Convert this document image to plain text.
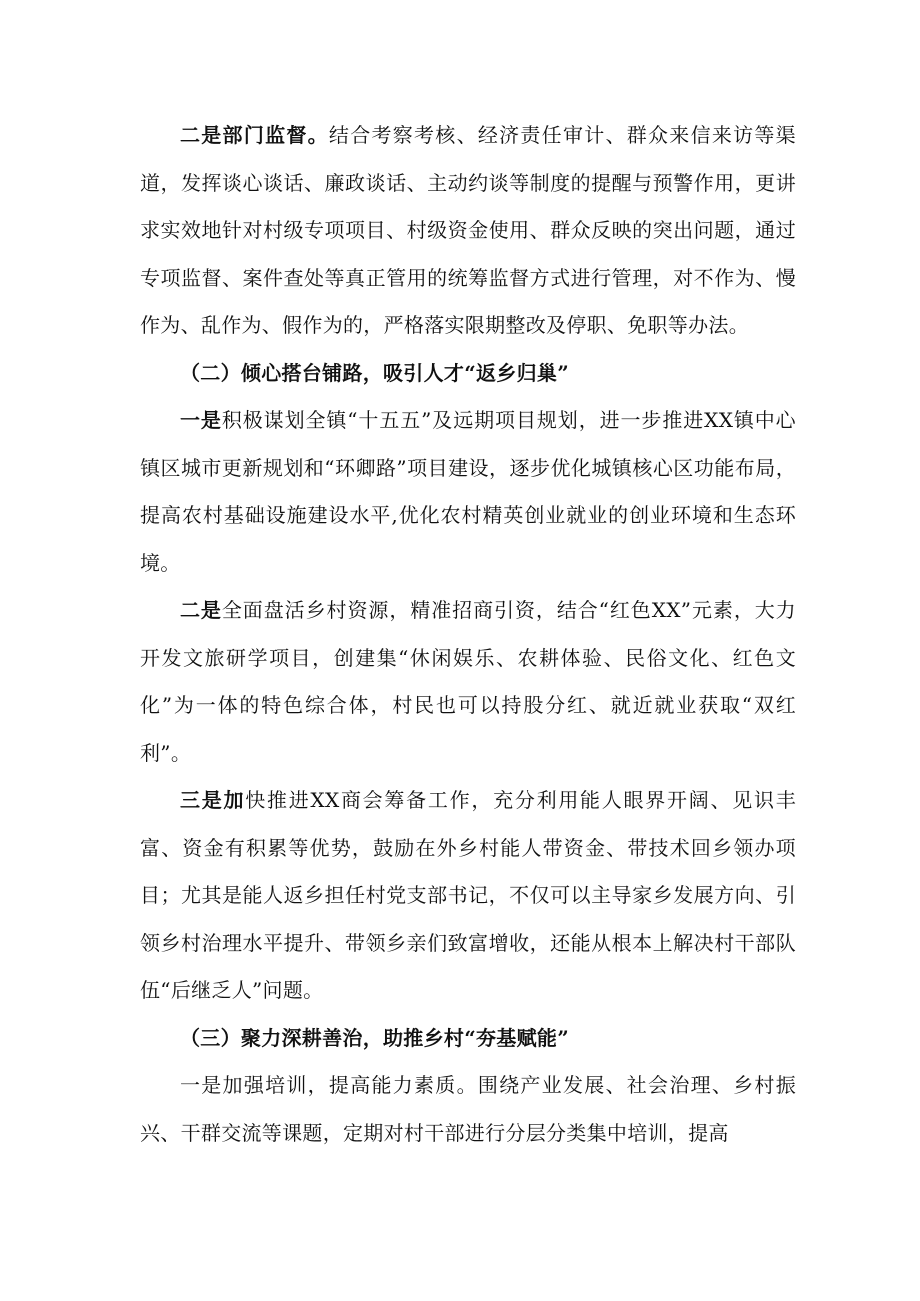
二是部门监督。结合考察考核、经济责任审计、群众来信来访等渠道，发挥谈心谈话、廉政谈话、主动约谈等制度的提醒与预警作用，更讲求实效地针对村级专项项目、村级资金使用、群众反映的突出问题，通过专项监督、案件查处等真正管用的统筹监督方式进行管理，对不作为、慢作为、乱作为、假作为的，严格落实限期整改及停职、免职等办法。

（二）倾心搭台铺路，吸引人才“返乡归巢”

一是积极谋划全镇“十五五”及远期项目规划，进一步推进XX镇中心镇区城市更新规划和“环卿路”项目建设，逐步优化城镇核心区功能布局，提高农村基础设施建设水平,优化农村精英创业就业的创业环境和生态环境。

二是全面盘活乡村资源，精准招商引资，结合“红色XX”元素，大力开发文旅研学项目，创建集“休闲娱乐、农耕体验、民俗文化、红色文化”为一体的特色综合体，村民也可以持股分红、就近就业获取“双红利”。

三是加快推进XX商会筹备工作，充分利用能人眼界开阔、见识丰富、资金有积累等优势，鼓励在外乡村能人带资金、带技术回乡领办项目；尤其是能人返乡担任村党支部书记，不仅可以主导家乡发展方向、引领乡村治理水平提升、带领乡亲们致富增收，还能从根本上解决村干部队伍“后继乏人”问题。

（三）聚力深耕善治，助推乡村“夯基赋能”

一是加强培训，提高能力素质。围绕产业发展、社会治理、乡村振兴、干群交流等课题，定期对村干部进行分层分类集中培训，提高
